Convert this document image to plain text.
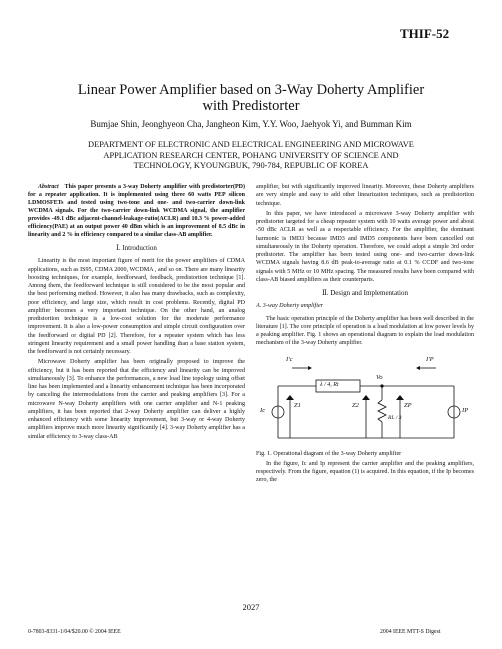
THIF-52
Linear Power Amplifier based on 3-Way Doherty Amplifier
with Predistorter
Bumjae Shin, Jeonghyeon Cha, Jangheon Kim, Y.Y. Woo, Jaehyok Yi, and Bumman Kim
DEPARTMENT OF ELECTRONIC AND ELECTRICAL ENGINEERING AND MICROWAVE
APPLICATION RESEARCH CENTER, POHANG UNIVERSITY OF SCIENCE AND
TECHNOLOGY, KYOUNGBUK, 790-784, REPUBLIC OF KOREA

Abstract This paper presents a 3-way Doherty amplifier with predistorter(PD) for a repeater application. It is implemented using three 60 watts PEP silicon LDMOSFETs and tested using two-tone and one- and two-carrier down-link WCDMA signals. For the two-carrier down-link WCDMA signal, the amplifier provides -49.1 dBc adjacent-channel-leakage-ratio(ACLR) and 10.3 % power-added efficiency(PAE) at an output power 40 dBm which is an improvement of 8.5 dBc in linearity and 2 % in efficiency compared to a similar class-AB amplifier.

Ⅰ. Introduction

Linearity is the most important figure of merit for the power amplifiers of CDMA applications, such as IS95, CDMA 2000, WCDMA , and so on. There are many linearity boosting techniques, for example, feedforward, feedback, predistortion technique [1]. Among them, the feedforward technique is still considered to be the most popular and the best performing method. However, it also has many drawbacks, such as complexity, poor efficiency, and large size, which result in cost problems. Recently, digital PD amplifier becomes a very important technique. On the other hand, an analog predistortion technique is a low-cost solution for the moderate performance improvement. It is also a low-power consumption and simple circuit configuration over the feedforward or digital PD [2]. Therefore, for a repeater system which has less stringent linearity requirement and a small power handling than a base station system, the feedforward is not certainly necessary.

Microwave Doherty amplifier has been originally proposed to improve the efficiency, but it has been reported that the efficiency and linearity can be improved simultaneously [3]. To enhance the performances, a new load line topology using offset line has been implemented and a linearity enhancement technique has been incorporated by canceling the intermodulations from the carrier and peaking amplifiers [3]. For a microwave N-way Doherty amplifiers with one carrier amplifier and N-1 peaking amplifiers, it has been reported that 2-way Doherty amplifier can deliver a highly enhanced efficiency with some linearity improvement, but 3-way or 4-way Doherty amplifiers improve much more linearity significantly [4]. 3-way Doherty amplifier has a similar efficiency to 3-way class-AB

amplifier, but with significantly improved linearity. Moreover, these Doherty amplifiers are very simple and easy to add other linearization techniques, such as predistortion technique.

In this paper, we have introduced a microwave 3-way Doherty amplifier with predistorter targeted for a cheap repeater system with 10 watts average power and about -50 dBc ACLR as well as a respectable efficiency. For the amplifier, the dominant harmonic is IMD3 because IMD3 and IMD5 components have been cancelled out simultaneously in the Doherty operation. Therefore, we could adopt a simple 3rd order predistorter. The amplifier has been tested using one- and two-carrier down-link WCDMA signals having 8.6 dB peak-to-average ratio at 0.1 % CCDF and two-tone signals with 5 MHz or 10 MHz spacing. The measured results have been compared with class-AB biased amplifiers as their counterparts.

Ⅱ. Design and Implementation
A. 3-way Doherty amplifier

The basic operation principle of the Doherty amplifier has been well described in the literature [1]. The core principle of operation is a load modulation at low power levels by a peaking amplifier. Fig. 1 shows an operational diagram to explain the load modulation mechanism of the 3-way Doherty amplifier.

I'c	I'P
λ / 4, Rt
Vo
Ic	IP
Z1	Z2	ZP
RL / 3

Fig. 1. Operational diagram of the 3-way Doherty amplifier

In the figure, Ic and Ip represent the carrier amplifier and the peaking amplifiers, respectively. From the figure, equation (1) is acquired. In this equation, if the Ip becomes zero, the

2027
0-7803-8331-1/04/$20.00 © 2004 IEEE	2004 IEEE MTT-S Digest
